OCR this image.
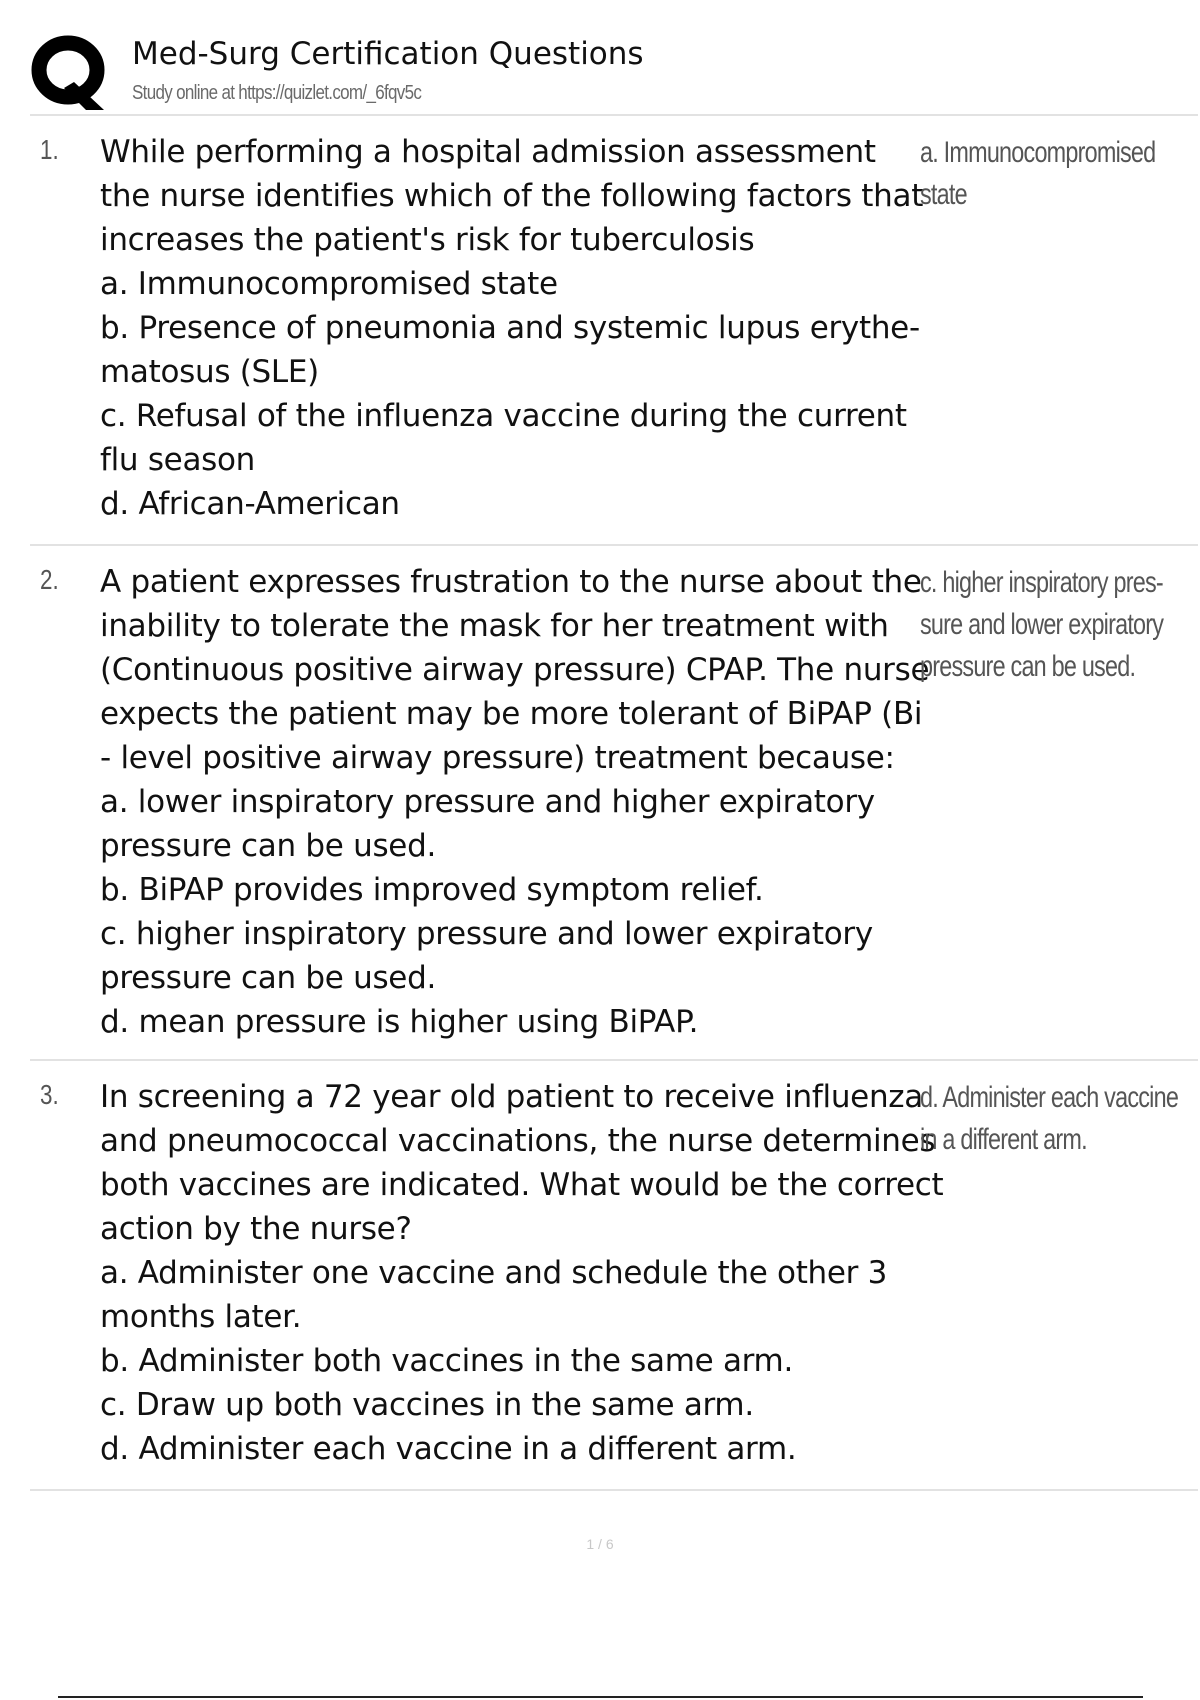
Med-Surg Certification Questions
Study online at https://quizlet.com/_6fqv5c
1. While performing a hospital admission assessment

the nurse identifies which of the following factors that

increases the patient's risk for tuberculosis

a. Immunocompromised state

b. Presence of pneumonia and systemic lupus erythe-

matosus (SLE)

c. Refusal of the influenza vaccine during the current

flu season

d. African-American

a. Immunocompromised

state

2. A patient expresses frustration to the nurse about the

inability to tolerate the mask for her treatment with

(Continuous positive airway pressure) CPAP. The nurse

expects the patient may be more tolerant of BiPAP (Bi

- level positive airway pressure) treatment because:

a. lower inspiratory pressure and higher expiratory

pressure can be used.

b. BiPAP provides improved symptom relief.

c. higher inspiratory pressure and lower expiratory

pressure can be used.

d. mean pressure is higher using BiPAP.

c. higher inspiratory pres-

sure and lower expiratory

pressure can be used.

3. In screening a 72 year old patient to receive influenza

and pneumococcal vaccinations, the nurse determines

both vaccines are indicated. What would be the correct

action by the nurse?

a. Administer one vaccine and schedule the other 3

months later.

b. Administer both vaccines in the same arm.

c. Draw up both vaccines in the same arm.

d. Administer each vaccine in a different arm.

d. Administer each vaccine

in a different arm.

1 / 6
